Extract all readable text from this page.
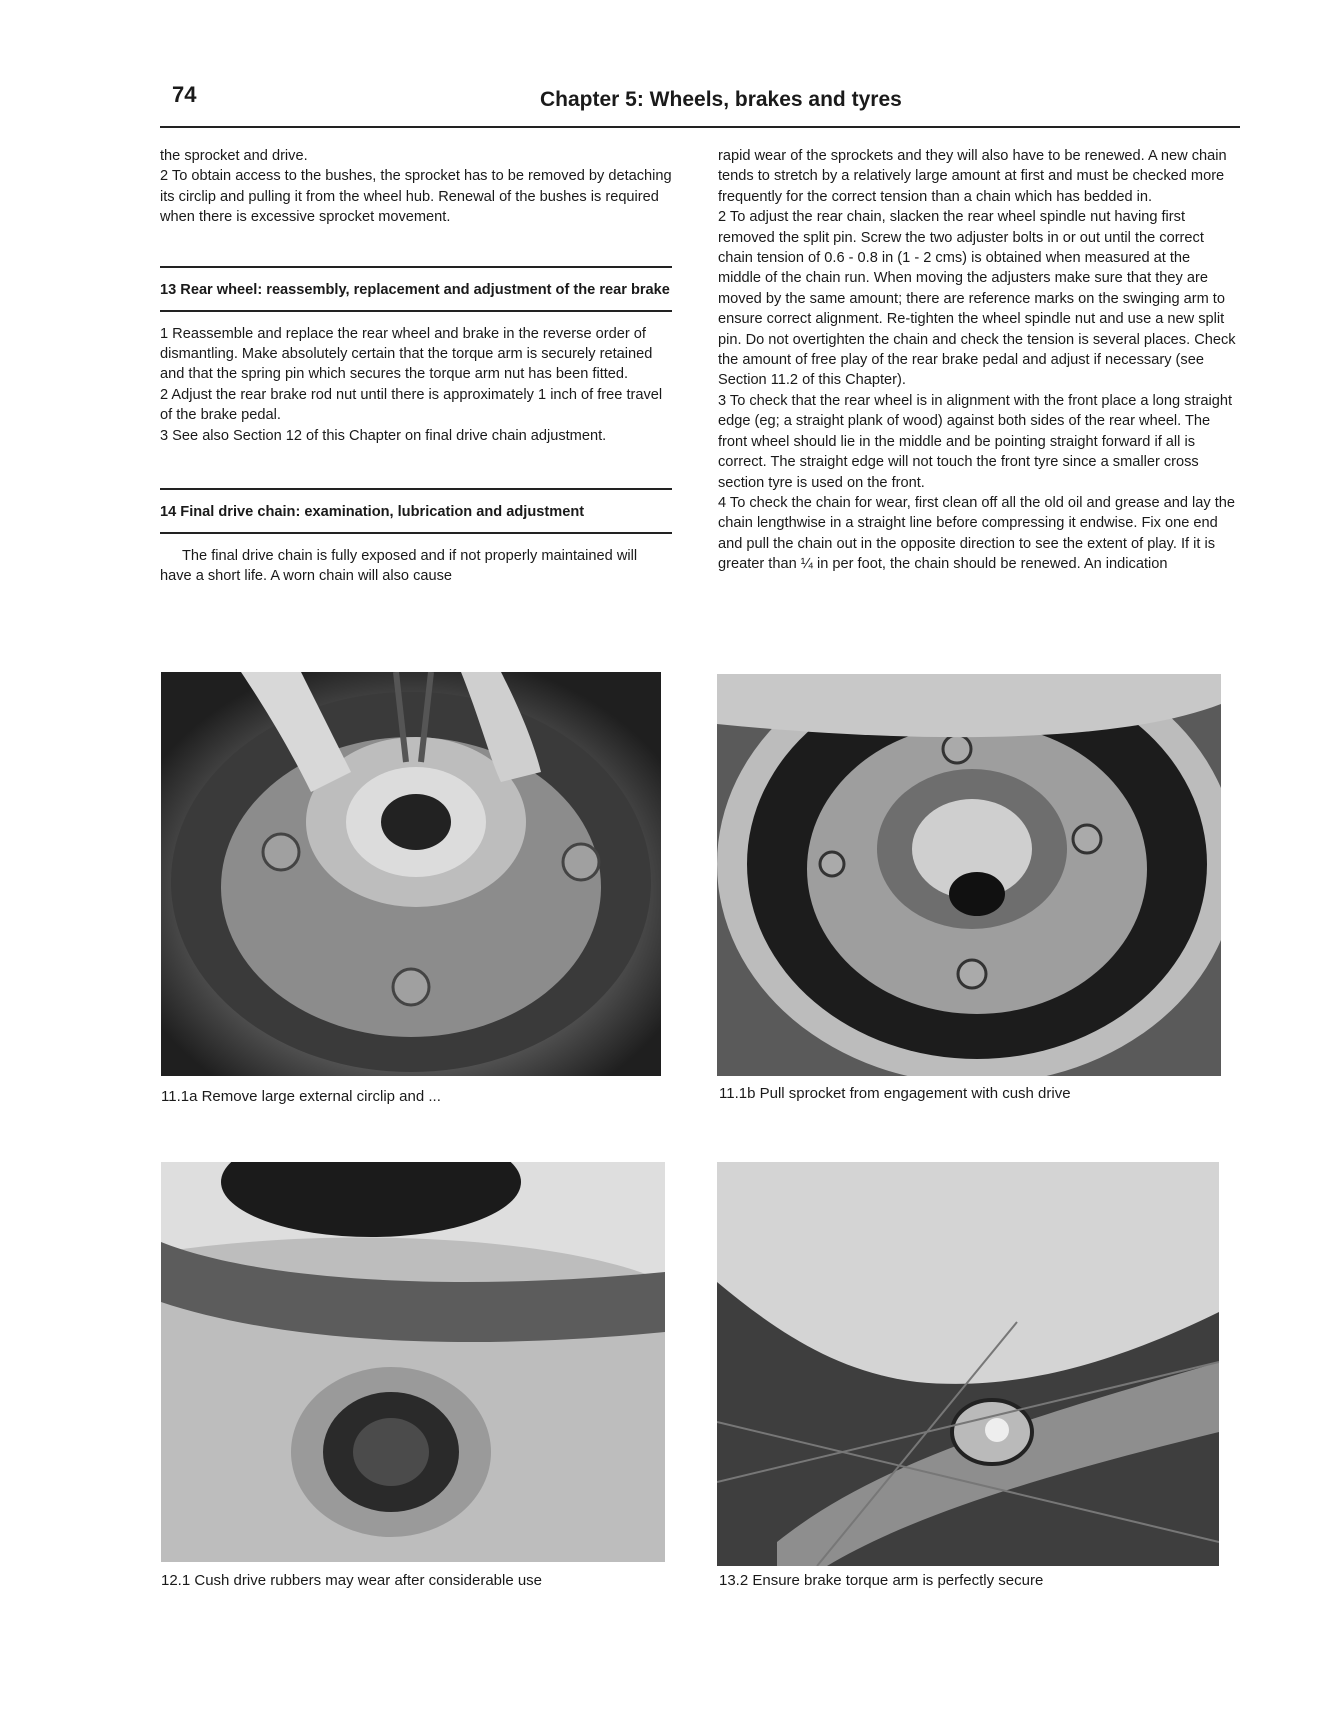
74	Chapter 5: Wheels, brakes and tyres

the sprocket and drive.

2 To obtain access to the bushes, the sprocket has to be removed by detaching its circlip and pulling it from the wheel hub. Renewal of the bushes is required when there is excessive sprocket movement.

13 Rear wheel: reassembly, replacement and adjustment of the rear brake

1 Reassemble and replace the rear wheel and brake in the reverse order of dismantling. Make absolutely certain that the torque arm is securely retained and that the spring pin which secures the torque arm nut has been fitted.

2 Adjust the rear brake rod nut until there is approximately 1 inch of free travel of the brake pedal.

3 See also Section 12 of this Chapter on final drive chain adjustment.

14 Final drive chain: examination, lubrication and adjustment

The final drive chain is fully exposed and if not properly maintained will have a short life. A worn chain will also cause

rapid wear of the sprockets and they will also have to be renewed. A new chain tends to stretch by a relatively large amount at first and must be checked more frequently for the correct tension than a chain which has bedded in.

2 To adjust the rear chain, slacken the rear wheel spindle nut having first removed the split pin. Screw the two adjuster bolts in or out until the correct chain tension of 0.6 - 0.8 in (1 - 2 cms) is obtained when measured at the middle of the chain run. When moving the adjusters make sure that they are moved by the same amount; there are reference marks on the swinging arm to ensure correct alignment. Re-tighten the wheel spindle nut and use a new split pin. Do not overtighten the chain and check the tension is several places. Check the amount of free play of the rear brake pedal and adjust if necessary (see Section 11.2 of this Chapter).

3 To check that the rear wheel is in alignment with the front place a long straight edge (eg; a straight plank of wood) against both sides of the rear wheel. The front wheel should lie in the middle and be pointing straight forward if all is correct. The straight edge will not touch the front tyre since a smaller cross section tyre is used on the front.

4 To check the chain for wear, first clean off all the old oil and grease and lay the chain lengthwise in a straight line before compressing it endwise. Fix one end and pull the chain out in the opposite direction to see the extent of play. If it is greater than ¼ in per foot, the chain should be renewed. An indication

11.1a Remove large external circlip and ...	11.1b Pull sprocket from engagement with cush drive
12.1 Cush drive rubbers may wear after considerable use	13.2 Ensure brake torque arm is perfectly secure
